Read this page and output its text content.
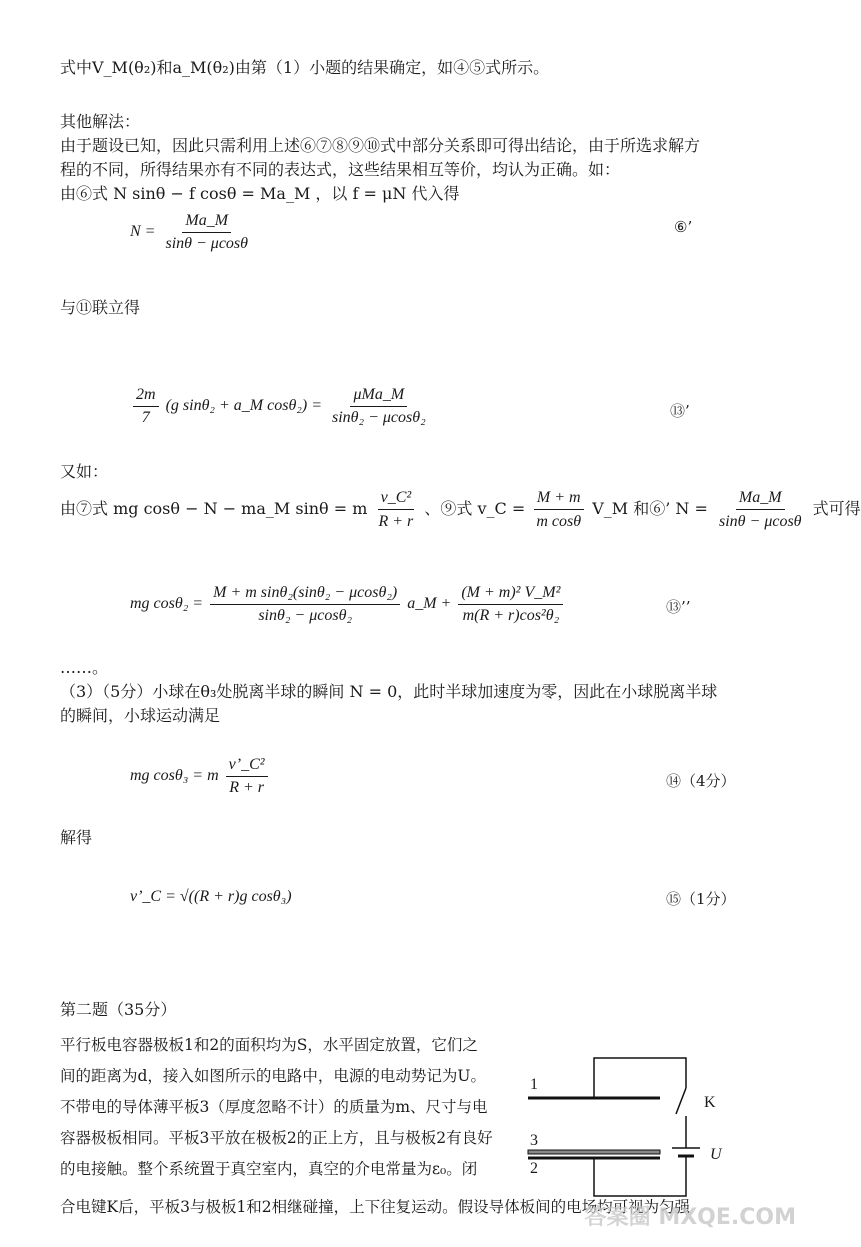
式中V_M(θ₂)和a_M(θ₂)由第（1）小题的结果确定，如④⑤式所示。
其他解法：
由于题设已知，因此只需利用上述⑥⑦⑧⑨⑩式中部分关系即可得出结论，由于所选求解方
程的不同，所得结果亦有不同的表达式，这些结果相互等价，均认为正确。如：
由⑥式 N sinθ − f cosθ = Ma_M ，以 f = μN 代入得
$N = \frac{Ma\_M}{\sin\theta - \mu\cos\theta}$	⑥’
与⑪联立得
$\frac{2m}{7} (g$ sinθ₂ + a_M $\cos\theta_2) = \frac{\text{μMa\_M}}{\text{sinθ₂ − μcosθ₂}}$	⑬’
又如：
由⑦式 mg cosθ − N − ma_M sinθ = m $\frac{\text{v\_C²}}{R + r}$ 、⑨式 v_C = $\frac{M + m}{\text{m cosθ}}$ V_M 和⑥’ $N = \frac{Ma\_M}{\sin\theta - \mu\cos\theta}$ 式可得
mg $\cos\theta_2 = \frac{\text{M + m sinθ₂(sinθ₂ − μcosθ₂)}}{\text{sinθ₂ − μcosθ₂}}$ a_M + $\frac{\text{(M + m)² V\_M²}}{\text{m(R + r)cos²θ₂}}$	⑬’’
……。
（3）（5分）小球在θ₃处脱离半球的瞬间 N = 0，此时半球加速度为零，因此在小球脱离半球
的瞬间，小球运动满足
mg cosθ₃ = m $\frac{\text{v’\_C²}}{R + r}$	⑭（4分）
解得
v’_C = √((R + r)g cosθ₃)	⑮（1分）
第二题（35分）
平行板电容器极板1和2的面积均为S，水平固定放置，它们之
间的距离为d，接入如图所示的电路中，电源的电动势记为U。
不带电的导体薄平板3（厚度忽略不计）的质量为m、尺寸与电
容器极板相同。平板3平放在极板2的正上方，且与极板2有良好
的电接触。整个系统置于真空室内，真空的介电常量为ε₀。闭
合电键K后，平板3与极板1和2相继碰撞，上下往复运动。假设导体板间的电场均可视为匀强
1
3
2
K
U
答案圈 MXQE.COM
